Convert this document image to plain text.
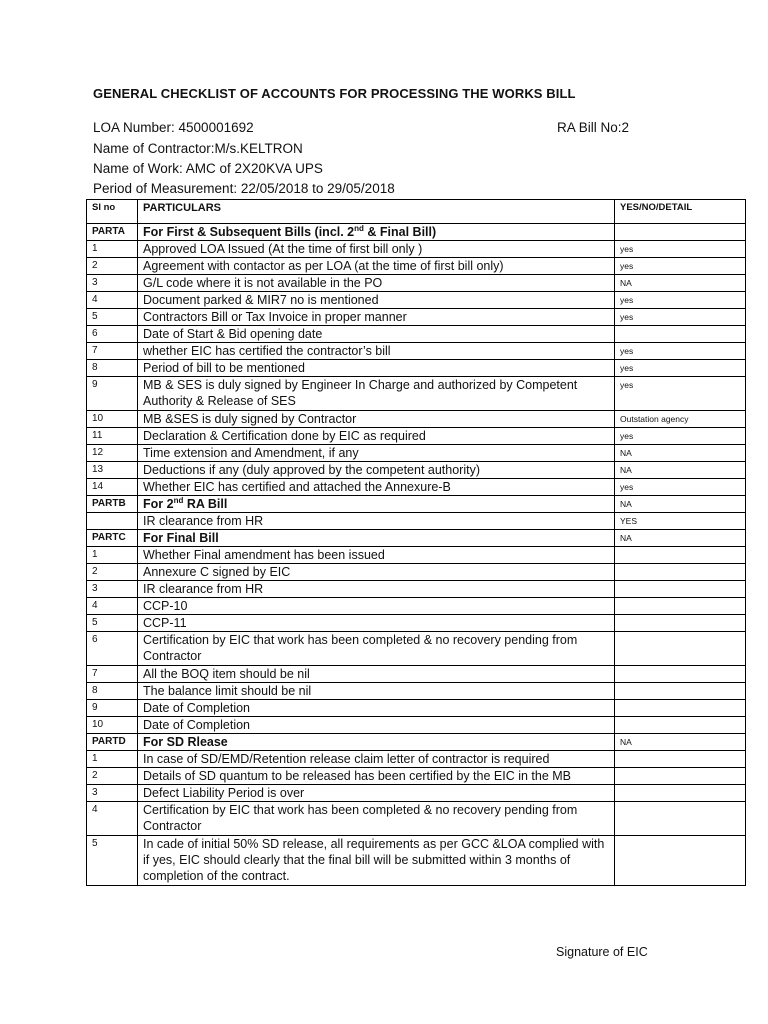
GENERAL CHECKLIST OF ACCOUNTS FOR PROCESSING THE WORKS BILL
LOA Number: 4500001692	RA Bill No:2
Name of Contractor:M/s.KELTRON
Name of Work: AMC of 2X20KVA UPS
Period of Measurement: 22/05/2018 to 29/05/2018
Sl no	PARTICULARS	YES/NO/DETAIL
PARTA	For First & Subsequent Bills (incl. 2nd & Final Bill)	
1	Approved LOA Issued (At the time of first bill only )	yes
2	Agreement with contactor as per LOA (at the time of first bill only)	yes
3	G/L code where it is not available in the PO	NA
4	Document parked & MIR7 no is mentioned	yes
5	Contractors Bill or Tax Invoice in proper manner	yes
6	Date of Start & Bid opening date	
7	whether EIC has certified the contractor’s bill	yes
8	Period of bill to be mentioned	yes
9	MB & SES is duly signed by Engineer In Charge and authorized by Competent Authority & Release of SES	yes
10	MB &SES is duly signed by Contractor	Outstation agency
11	Declaration & Certification done by EIC as required	yes
12	Time extension and Amendment, if any	NA
13	Deductions if any (duly approved by the competent authority)	NA
14	Whether EIC has certified and attached the Annexure-B	yes
PARTB	For 2nd RA Bill	NA
	IR clearance from HR	YES
PARTC	For Final Bill	NA
1	Whether Final amendment has been issued	
2	Annexure C signed by EIC	
3	IR clearance from HR	
4	CCP-10	
5	CCP-11	
6	Certification by EIC that work has been completed & no recovery pending from Contractor	
7	All the BOQ item should be nil	
8	The balance limit should be nil	
9	Date of Completion	
10	Date of Completion	
PARTD	For SD Rlease	NA
1	In case of SD/EMD/Retention release claim letter of contractor is required	
2	Details of SD quantum to be released has been certified by the EIC in the MB	
3	Defect Liability Period is over	
4	Certification by EIC that work has been completed & no recovery pending from Contractor	
5	In cade of initial 50% SD release, all requirements as per GCC &LOA complied with if yes, EIC should clearly that the final bill will be submitted within 3 months of completion of the contract.	
Signature of EIC
